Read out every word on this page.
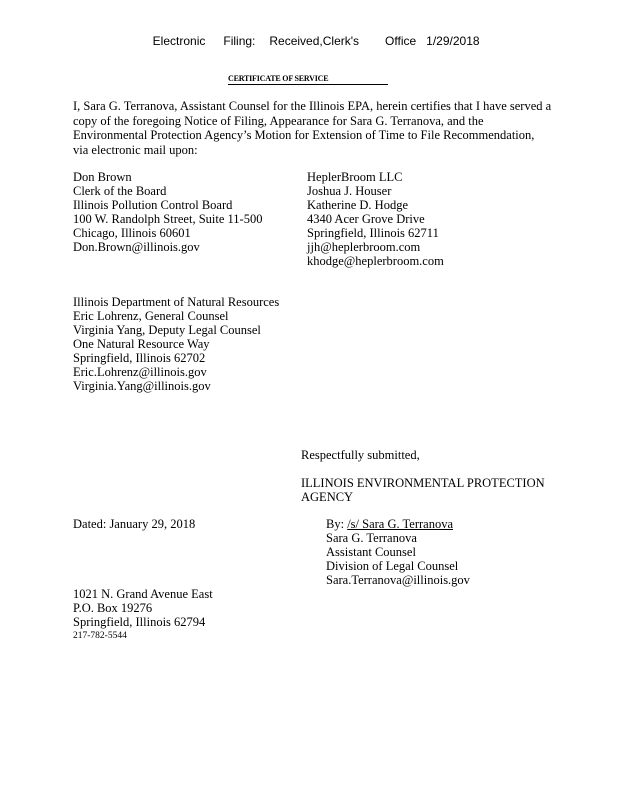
Electronic Filing: Received,Clerk's Office 1/29/2018

CERTIFICATE OF SERVICE
I, Sara G. Terranova, Assistant Counsel for the Illinois EPA, herein certifies that I have served a
copy of the foregoing Notice of Filing, Appearance for Sara G. Terranova, and the
Environmental Protection Agency’s Motion for Extension of Time to File Recommendation,
via electronic mail upon:
Don Brown
Clerk of the Board
Illinois Pollution Control Board
100 W. Randolph Street, Suite 11-500
Chicago, Illinois 60601
Don.Brown@illinois.gov
HeplerBroom LLC
Joshua J. Houser
Katherine D. Hodge
4340 Acer Grove Drive
Springfield, Illinois 62711
jjh@heplerbroom.com
khodge@heplerbroom.com
Illinois Department of Natural Resources
Eric Lohrenz, General Counsel
Virginia Yang, Deputy Legal Counsel
One Natural Resource Way
Springfield, Illinois 62702
Eric.Lohrenz@illinois.gov
Virginia.Yang@illinois.gov
Respectfully submitted,
ILLINOIS ENVIRONMENTAL PROTECTION
AGENCY
Dated: January 29, 2018	By: /s/ Sara G. Terranova
Sara G. Terranova
Assistant Counsel
Division of Legal Counsel
Sara.Terranova@illinois.gov
1021 N. Grand Avenue East
P.O. Box 19276
Springfield, Illinois 62794
217-782-5544
